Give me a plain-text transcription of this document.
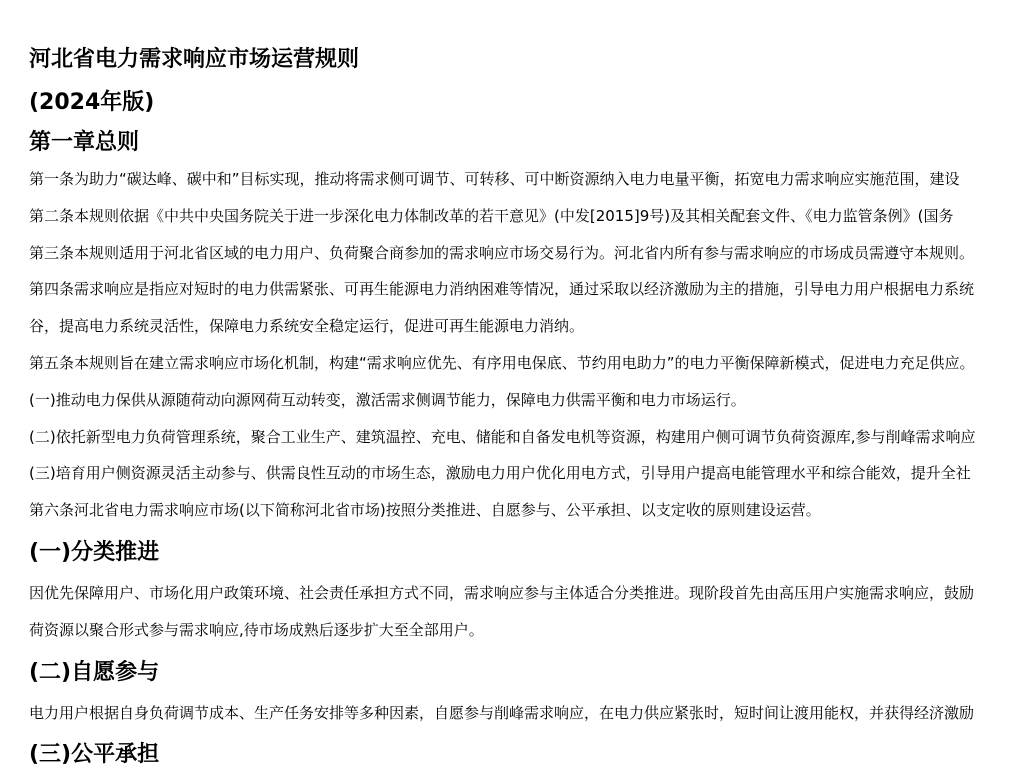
河北省电力需求响应市场运营规则
(2024年版)
第一章总则
第一条为助力“碳达峰、碳中和”目标实现，推动将需求侧可调节、可转移、可中断资源纳入电力电量平衡，拓宽电力需求响应实施范围，建设
第二条本规则依据《中共中央国务院关于进一步深化电力体制改革的若干意见》(中发[2015]9号)及其相关配套文件、《电力监管条例》(国务
第三条本规则适用于河北省区域的电力用户、负荷聚合商参加的需求响应市场交易行为。河北省内所有参与需求响应的市场成员需遵守本规则。
第四条需求响应是指应对短时的电力供需紧张、可再生能源电力消纳困难等情况，通过采取以经济激励为主的措施，引导电力用户根据电力系统
谷，提高电力系统灵活性，保障电力系统安全稳定运行，促进可再生能源电力消纳。
第五条本规则旨在建立需求响应市场化机制，构建“需求响应优先、有序用电保底、节约用电助力”的电力平衡保障新模式，促进电力充足供应。
(一)推动电力保供从源随荷动向源网荷互动转变，激活需求侧调节能力，保障电力供需平衡和电力市场运行。
(二)依托新型电力负荷管理系统，聚合工业生产、建筑温控、充电、储能和自备发电机等资源，构建用户侧可调节负荷资源库,参与削峰需求响应
(三)培育用户侧资源灵活主动参与、供需良性互动的市场生态，激励电力用户优化用电方式，引导用户提高电能管理水平和综合能效，提升全社
第六条河北省电力需求响应市场(以下简称河北省市场)按照分类推进、自愿参与、公平承担、以支定收的原则建设运营。
(一)分类推进
因优先保障用户、市场化用户政策环境、社会责任承担方式不同，需求响应参与主体适合分类推进。现阶段首先由高压用户实施需求响应，鼓励
荷资源以聚合形式参与需求响应,待市场成熟后逐步扩大至全部用户。
(二)自愿参与
电力用户根据自身负荷调节成本、生产任务安排等多种因素，自愿参与削峰需求响应，在电力供应紧张时，短时间让渡用能权，并获得经济激励
(三)公平承担
